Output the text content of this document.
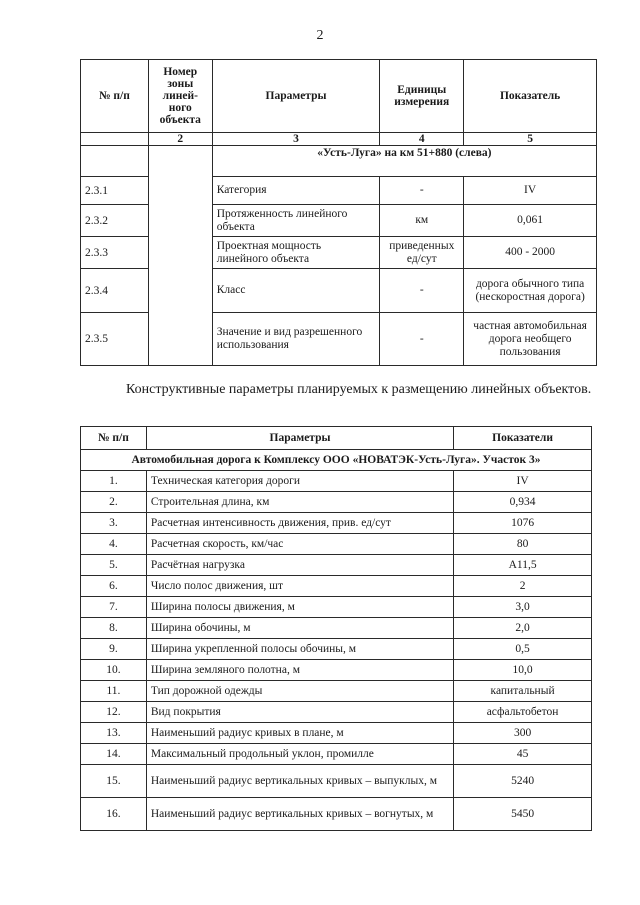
2
№ п/п	Номер зоны линей-ного объекта	Параметры	Единицы измерения	Показатель
	2	3	4	5
		«Усть-Луга» на км 51+880 (слева)		
2.3.1		Категория	-	IV
2.3.2		Протяженность линейного объекта	км	0,061
2.3.3		Проектная мощность линейного объекта	приведенных ед/сут	400 - 2000
2.3.4		Класс	-	дорога обычного типа (нескоростная дорога)
2.3.5		Значение и вид разрешенного использования	-	частная автомобильная дорога необщего пользования
Конструктивные параметры планируемых к размещению линейных объектов.
№ п/п	Параметры	Показатели
Автомобильная дорога к Комплексу ООО «НОВАТЭК-Усть-Луга». Участок 3»		
1.	Техническая категория дороги	IV
2.	Строительная длина, км	0,934
3.	Расчетная интенсивность движения, прив. ед/сут	1076
4.	Расчетная скорость, км/час	80
5.	Расчётная нагрузка	А11,5
6.	Число полос движения, шт	2
7.	Ширина полосы движения, м	3,0
8.	Ширина обочины, м	2,0
9.	Ширина укрепленной полосы обочины, м	0,5
10.	Ширина земляного полотна, м	10,0
11.	Тип дорожной одежды	капитальный
12.	Вид покрытия	асфальтобетон
13.	Наименьший радиус кривых в плане, м	300
14.	Максимальный продольный уклон, промилле	45
15.	Наименьший радиус вертикальных кривых – выпуклых, м	5240
16.	Наименьший радиус вертикальных кривых – вогнутых, м	5450
